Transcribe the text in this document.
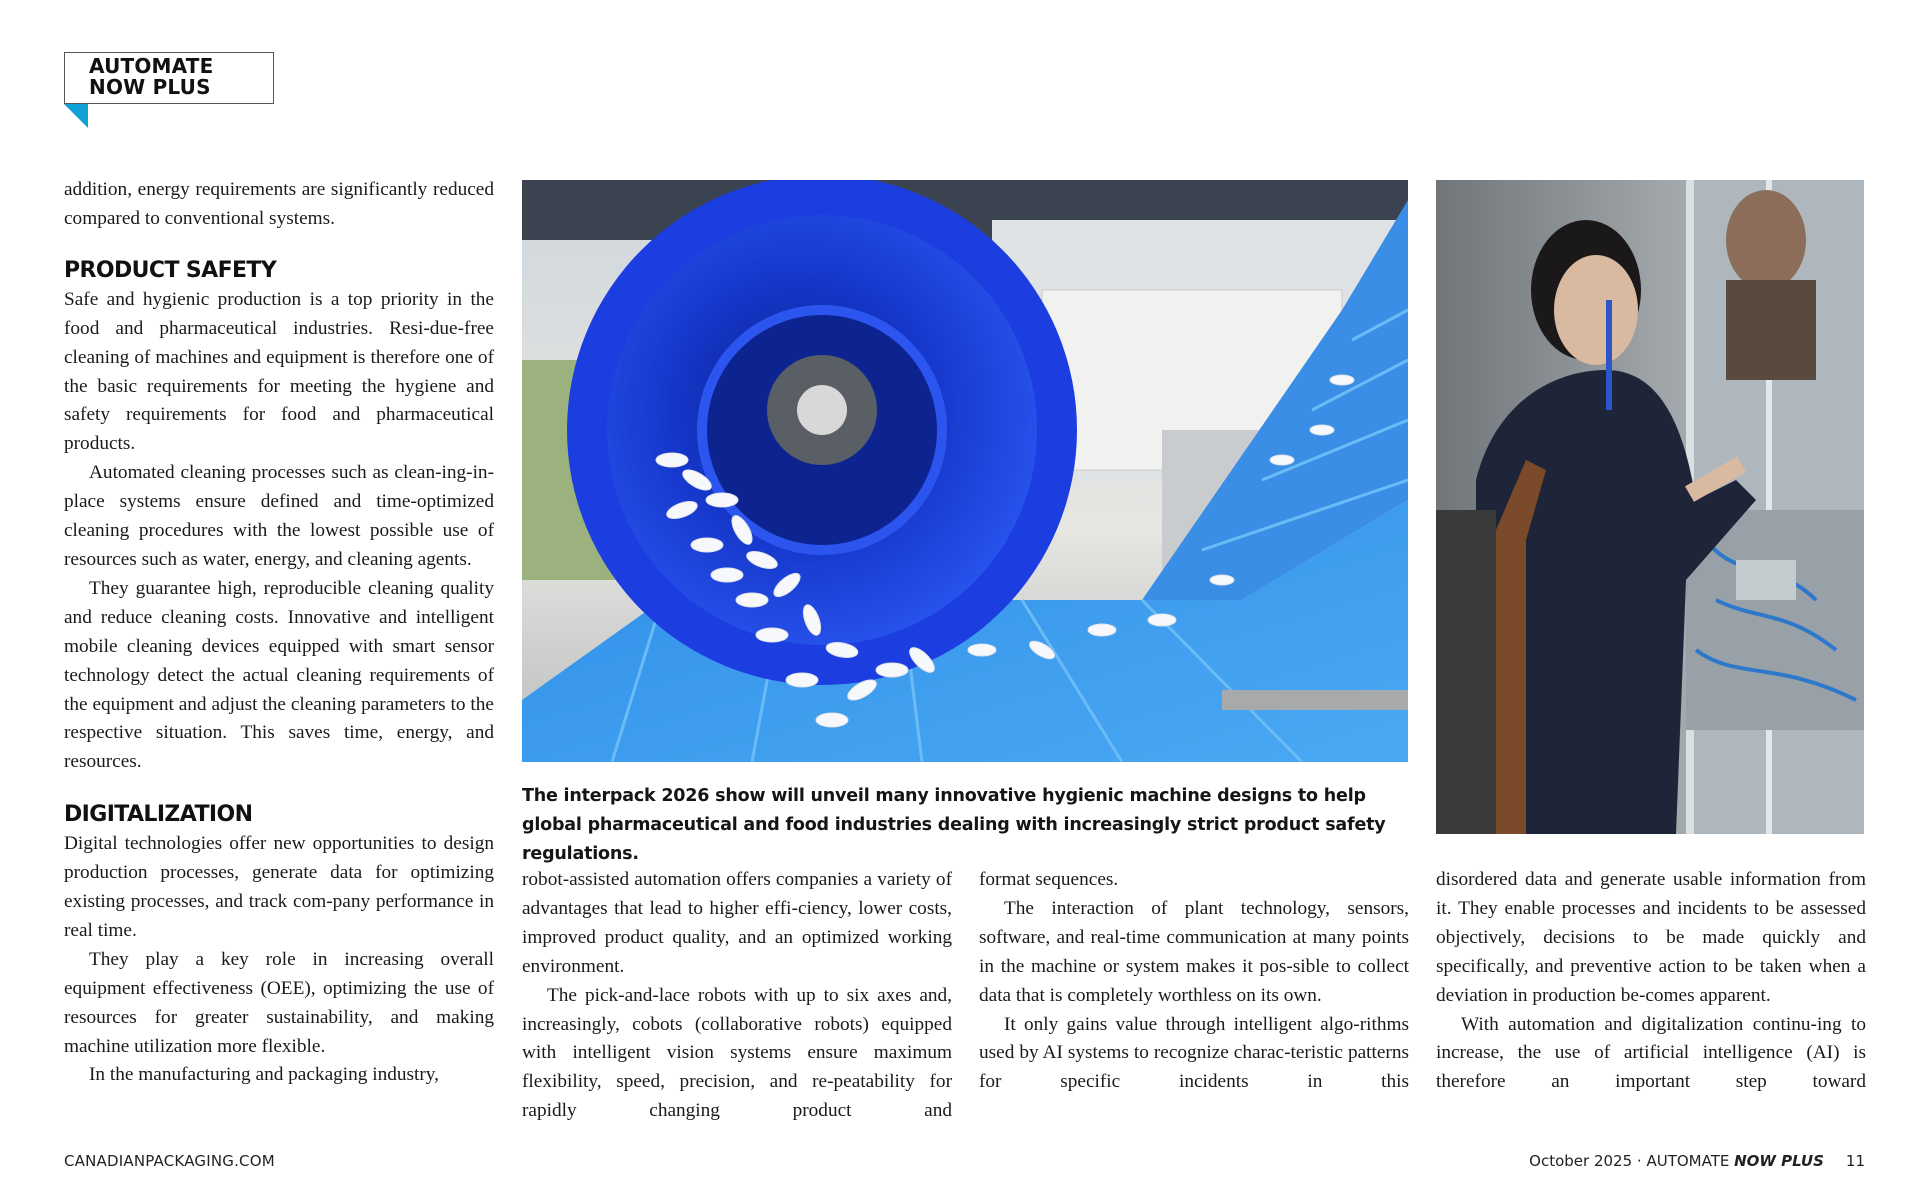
AUTOMATE
NOW PLUS

addition, energy requirements are significantly reduced compared to conventional systems.

PRODUCT SAFETY

Safe and hygienic production is a top priority in the food and pharmaceutical industries. Resi-due-free cleaning of machines and equipment is therefore one of the basic requirements for meeting the hygiene and safety requirements for food and pharmaceutical products.

Automated cleaning processes such as clean-ing-in-place systems ensure defined and time-optimized cleaning procedures with the lowest possible use of resources such as water, energy, and cleaning agents.

They guarantee high, reproducible cleaning quality and reduce cleaning costs. Innovative and intelligent mobile cleaning devices equipped with smart sensor technology detect the actual cleaning requirements of the equipment and adjust the cleaning parameters to the respective situation. This saves time, energy, and resources.

DIGITALIZATION

Digital technologies offer new opportunities to design production processes, generate data for optimizing existing processes, and track com-pany performance in real time.

They play a key role in increasing overall equipment effectiveness (OEE), optimizing the use of resources for greater sustainability, and making machine utilization more flexible.

In the manufacturing and packaging industry,

The interpack 2026 show will unveil many innovative hygienic machine designs to help global pharmaceutical and food industries dealing with increasingly strict product safety regulations.

robot-assisted automation offers companies a variety of advantages that lead to higher effi-ciency, lower costs, improved product quality, and an optimized working environment.

The pick-and-lace robots with up to six axes and, increasingly, cobots (collaborative robots) equipped with intelligent vision systems ensure maximum flexibility, speed, precision, and re-peatability for rapidly changing product and

format sequences.

The interaction of plant technology, sensors, software, and real-time communication at many points in the machine or system makes it pos-sible to collect data that is completely worthless on its own.

It only gains value through intelligent algo-rithms used by AI systems to recognize charac-teristic patterns for specific incidents in this

disordered data and generate usable information from it. They enable processes and incidents to be assessed objectively, decisions to be made quickly and specifically, and preventive action to be taken when a deviation in production be-comes apparent.

With automation and digitalization continu-ing to increase, the use of artificial intelligence (AI) is therefore an important step toward

CANADIANPACKAGING.COM	October 2025 · AUTOMATE NOW PLUS 11
